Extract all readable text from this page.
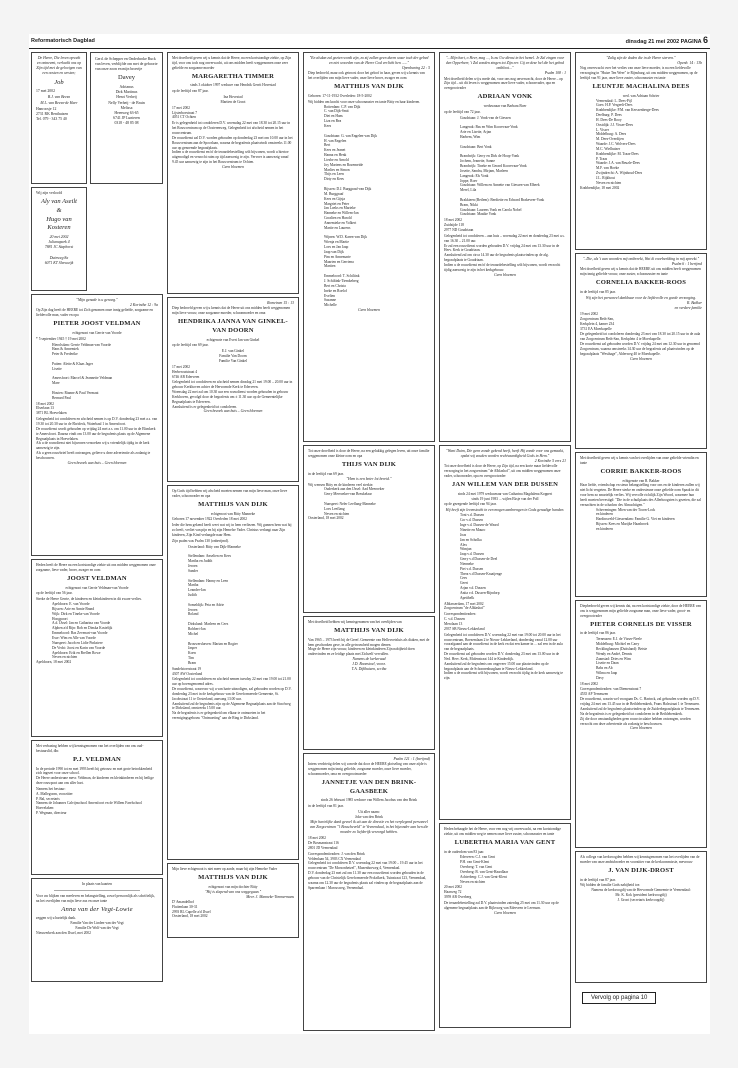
Reformatorisch Dagblad	dinsdag 21 mei 2002 PAGINA 6
De Heere, Die leven opwekt en ontneemt, verkwikt ons op Zijn tijd met de gelovigen van een oosten en westen;
Job
17 mei 2002
B.J. van Beesn
M.L. van Beesn-de Haer
Hanroosje 12
2731 RK Benthuizen
Tel. 079 - 343 75 40
Gerd. de Schepper en Onderbroke Ruck van leven, verblijfde om met de geboorte van onze zoon en mijn broertje
Davey
Adrianus
Dirk Martinus
Henri Verheij
Nelly Verheij - de Bruin
Melissa
Heenweg 63-65
6741 JP Lunteren
0318 - 48 85 08
Wij zijn verloofd
Aly van Aseilt
&
Hugo van Kosteren
20 mei 2002
Julianapark 4
7881 JC Staphorst

Duinweg 8a
6071 KT Sleeuwijk
"Mijn genade is u genoeg."
2 Korinthe 12 : 9a
Op Zijn dag heeft de HEERE tot Zich genomen onze innig geliefde, zorgzame en liefdevolle man, vader en opa
PIETER JOOST VELDMAN
echtgenoot van Gerrie van Voorde
* 5 september 1945 † 19 mei 2002
Hierolsdam: Gerrie Veldman-van Voorde
Hans & Annemiek
Peter & Frederike

Putten: Alette & Klaas Jager
Lisette

Amersfoort: Marcel & Jeannette Veldman
Mare

Houten: Rianne & Paul Vermaat
Bernard Paul
18 mei 2002
Elserlaan 13
3871 BL Hoevelaken
Gelegenheid tot condoleren en afscheid nemen is op D.V. donderdag 23 mei a.s. van 19.30 tot 20.30 uur in de Ebrideck, Waterbaal 1 in Amersfoort.
De rouwdienst wordt gehouden op vrijdag 24 mei a.s. om 11.00 uur in de Elimkerk te Amersfoort. Daarna vindt om 13.00 uur de begrafenis plaats op de Algemene Begraafplaats in Hoevelaken.
Als u de rouwdienst niet bijwonen verzoeken wij u vriendelijk tijdig in de kerk aanwezig te zijn.
Als u geen rouwbrief heeft ontvangen, gelieve u deze advertentie als zodanig te beschouwen.
Geen bezoek aan huis – Geen bloemen
Heden heeft de Heere na een kortstondige ziekte uit ons midden weggenomen onze zorgzame, lieve vader, broer, zwager en oom
JOOST VELDMAN
echtgenoot van Gerrie Veldman-van Voorde
op de leeftijd van 56 jaar.
Sterke de Heere Gerrie, de kinderen en kleinkinderen in dit zware verlies.
Apeldoorn: E. van Voorde
Rijssen: Arie en Annie Brand
Wijk: Dirk en Tineke van Voorde
Hoogpoort
A.d. IJssel: Jan en Catharina van Voorde
Alphen a/d Rijn: Rob en Dinska Kostelijk
Emmeloord: Bas Zevenart-van Voorde
Esse: Wim en Alle van Voorde
Nunspeet: Jacob en Lidie Pinkstere
De Vecht: Joost en Karin van Voorde
Apeldoorn: Erik en Brellen Rowe
Neven en nichten
Apeldoorn, 18 mei 2002
Met verbazing hebben wij kennisgenomen van het overlijden van ons oud-bestuurslid, dhr.
P.J. VELDMAN
In de periode 1990 tot en met 1993 heeft hij getrouw en met grote betrokkenheid zich ingezet voor onze school.
De Heere ondersteune mevr. Veldman, de kinderen en kleinkinderen en hij heilige deze rouwpoot aan ons aller hart.
Namens het bestuur:
A. Mallegoom, voorzitter
P. Bal, secretaris
Namens de Johannes Calvijnschool Amersfoort en de Willem Farelschool Hoevelaken:
P. Wegman, directeur
In plaats van kaarten
Voor uw blijken van meeleven en belangstelling, zowel persoonlijk als schriftelijk, na het overlijden van mijn lieve zus en onze tante
Anna van der Vegt-Lowie
zeggen wij u hartelijk dank.
Familie Van der Linden-van der Vegt
Familie De Wolf-van der Vegt
Nieuwerkerk aan den IJssel, mei 2002
Met droefheid geven wij u kennis dat de Heere, na een kortstondige ziekte, op Zijn tijd, voor ons toch nog onverwacht, uit ons midden heeft weggenomen onze zeer geliefde en zorgzame moeder
MARGARETHA TIMMER
sinds 3 oktober 1997 weduwe van Hendrik Gerrit Hovestad
op de leeftijd van 87 jaar.
Ina Hovestad
Martien de Groot
17 mei 2002
Lijsterhoestraat 7
4051 CT Ochten
Er is gelegenheid tot condoleren D.V. woensdag 22 mei van 18.30 tot 20.15 uur in het Rouwcentrum op de Oosterenweg. Gelegenheid tot afscheid nemen in het rouwcentrum.
De rouwdienst zal D.V. worden gehouden op donderdag 23 mei om 10.00 uur in het Rouwcentrum aan de Spoorlaan, waarna de begrafenis plaatsvindt omstreeks 11.00 uur op genoemde begraafplaats.
Indien u de rouwdienst en/of de teraardebestelling wilt bijwonen, wordt u hiertoe uitgenodigd en verzocht ruim op tijd aanwezig te zijn. Vervoer is aanwezig vanaf 9.45 uur aanwezig te zijn in het Rouwcentrum te Ochten.
Geen bloemen
Romeinen 15 : 13
Diep bedroefd geven wij u kennis dat de Heere uit ons midden heeft weggenomen mijn lieve vrouw, onze zorgzame moeder, schoonmoeder en oma
HENDRIKA JANNA VAN GINKEL-VAN DOORN
echtgenote van Evert Jan van Ginkel
op de leeftijd van 69 jaar.
E.J. van Ginkel
Familie Van Doorn
Familie Van Ginkel
17 mei 2002
Herberoutstraat 4
6746 AB Ederveen
Gelegenheid tot condoleren en afscheid nemen dinsdag 21 mei 19.00 – 20.00 uur in gebouw Kerkhoven achter de Hervormde Kerk te Ederveen.
Woensdag 22 mei zal om 10.30 uur een rouwdienst worden gehouden in gebouw Kerkhoven, gevolgd door de begrafenis om ± 11.30 uur op de Gemeentelijke Begraafplaats te Ederveen.
Aansluitend is er gelegenheid tot condoleren.
Geen bezoek aan huis – Geen bloemen
Op Gods tijd hebben wij afscheid moeten nemen van mijn lieve man, onze lieve vader, schoonvader en opa
MATTHIJS VAN DIJK
echtgenoot van Bitty Manneke
Geboren 17 november 1922 Overleden 18 mei 2002
Ieder die hem gekend heeft weet wat wij in hem verliezen. Wij gunnen hem wat hij zo heeft, verliet van pijn en bij zijn Hemelse Vader. Christus verlangt naar Zijn kinderen, Zijn Kind verlangde naar Hem.
Zijn psalm was Psalm 130 (onberijmd).
Oosterland: Bitty van Dijk-Manneke

Stellendam: Anselien en Kees
Martha en Judith
Jeroen
Sander

Stellendam: Hanny en Leen
Martha
Leander-Jan
Judith

Someldijk: Peta en Adrie
Jeroen
Roland

Dirksland: Marleen en Cees
Robbert-Jan
Michel

Brouwershaven: Marian en Rogier
Jasper
Koen
Tim
Bram
Sandelstoerstraat 19
4307 AW Oosterland
Gelegenheid tot condoleren en afscheid nemen tuesday 22 mei van 19.00 tot 21.00 uur op bovengenoemd adres.
De rouwdienst, waarvoor wij u van harte uitnodigen, zal gehouden worden op D.V. donderdag 23 mei in de kerkgebouw van de Gereformeerde Gemeente, St. Jacobstraat 11 te Oosterland, aanvang 13.00 uur.
Aansluitend zal de begrafenis zijn op de Algemene Begraafplaats aan de Stoofweg te Dirksland, omstreeks 15.00 uur.
Na de begrafenis is er gelegenheid om elkaar te ontmoeten in het verenigingsgebouw "Ontmoeting" aan de Ring te Dirksland.
Mijn lieve echtgenoot is niet meer op aarde, maar bij zijn Hemelse Vader
MATTHIJS VAN DIJK
echtgenoot van mijn dochter Bitty
"Hij is slapend van ons weggegaan."
Mevr. J. Manneke-Timmermans
D' Amandelhof
Fluitenlaan 30-31
2993 RL Capelle a/d IJssel
Oosterland, 18 mei 2002
"En alsdan zal gezien wordt zijn, zo zij zullen geen duren waar toch der gebed en niet woorden van de Heere God verlicht hen ......"
Openbaring 22 : 5
Diep bedroefd, maar ook getroost door het geloof in haar, geven wij u kennis van het overlijden van mijn lieve vader, onze lieve broer, zwager en oom
MATTHIJS VAN DIJK
Geboren: 17-11-1932 Overleden: 18-5-2002
Wij bidden om kracht voor onze schoonzuster en tante Bitty en haar kinderen.
Rotterdam: C.P. van Dijk
C. van Dijk-Smit
Diet en Hans
Liza en Bea
Kees

Goudriaan: G. van Engelen-van Dijk
H. van Engelen
Bert
Kees en Jeanet
Hanna en Henk
Liesbe en Arnold
Joy Martens en Rozemeide
Marlies en Simon
Thijs en Leen
Dirty en Kees

Rijssen: D.J. Burggraaf-van Dijk
M. Burggraaf
Kees en Gijsja
Margriet en Peter
Jan Loeks en Marieke
Hanneke en Willem-Jan
Coralien en Harold
Annemieke en Volkert
Martie en Laurens

Wijnen: W.D. Karen-van Dijk
Wienja en Martie
Loes en Jan Jaap
Jaap van Dijk
Pim en Annemarie
Maarten en Gerriena
Martien

Emmeloord: T. Schiltink
J. Schiltink-Tiemkeberg
Bert en Christa
Ineke en Roelof
Evelien
Susanne
Michelle
Geen bloemen
Tot onze droefheid is door de Heere, na een gelukkig gelegen leven, uit onze familie weggenomen onze kleine oom en opa
THIJS VAN DIJK
in de leeftijd van 69 jaar.
"Hem is een beter lot bereid."
Wij wensen Bitty en de kinderen veel sterkte.
Ouderkerk aan den IJssel: Aad Meeroeker
Gerry Meeroeker-van Breukelaar

Nunspeet: Neler Leeflang-Manneke
Loes Leeflang
Neven en nichten
Oosterland, 18 mei 2002
Met droefheid hebben wij kennisgenomen van het overlijden van
MATTHIJS VAN DIJK
Van 1965 – 1973 heeft hij de Geref. Gemeente van Hellevoetsluis als diaken, met de hem geschonken gave, in alle getrouwheid mogen dienen.
Moge de Heere zijn vrouw, kinderen en kleinkinderen Zijn nabijheid doen ondervinden en ze leidige plaats met Zichzelf vervullen.
Namens de kerkeraad
J.D. Boonstoel, voorz.
T.A. Dijkhuizen, scriba
Psalm 121 : 1 (berijmd)
Intens verdrietig delen wij u mede dat door de HEERE plotseling van onze zijde is weggenomen mijn innig geliefde, zorgzame moeder, onze lieve moeder, schoonmoeder, oma en overgrootmoeder
JANNETJE VAN DEN BRINK-GAASBEEK
sinds 26 februari 1985 weduwe van Willem Jacobus van den Brink
in de leeftijd van 81 jaar.
Uit aller naam:
Joke van den Brink
Mijn hartelijke dank gevoel ik uit aan de directie en het verplegend personeel van Zorgcentrum "'t Bosscheveld" te Veenendaal, in het bijzonder aan hen die moeder zo liefderijk verzorgd hebben.
18 mei 2002
De Bosmanstraat 116
2801 JD Veenendaal
Correspondentieadres: J. van den Brink
Veldenlaan 54, 3903 CX Veenendaal
Gelegenheid tot condoleren D.V. woensdag 22 mei van 19.00 – 19.45 uur in het rouwcentrum "De Morsonhetzel", Muzenhorweg 4, Veenendaal.
D.V. donderdag 23 mei zal om 11.30 uur een rouwdienst worden gehouden in de gebouw van de Christelijk Gereformeerde Prolafkerk, Tuinstraat 123, Veenendaal, waarna om 12.30 uur de begrafenis plaats zal vinden op de begraafplaats aan de Sparrenlaan / Marcusweg, Veenendaal.
"...Mijn hart, o Heer, mag ..., Is nu Uw dienst in het hemel. Je Zal zingen voor den Opperheer, 't Zal zonden zingen tot Zijn eer. Gij en deze hel die het gebod ontbloot..."
Psalm 108 : 1
Met droefheid delen wij u mede dat, voor ons nog onverwacht, door de Heere – op Zijn tijd – uit dit leven is weggenomen onze lieve vader, schoonvader, opa en overgrootvader
ADRIAAN VONK
weduwnaar van Barbara Boer
op de leeftijd van 72 jaar.
Goudriaan: J. Vonk-van de Giessen

Langerak: Bas en Wim Koorevaar-Vonk
Arie en Lisette, Arjan
Harbem, Wim

Goudriaan: Bert Vonk

Brandwijk: Gerry en Dirk de Hoop-Vonk
Jochem, Jeanette, Sanne
Brandwijk: Tineke en Gerard Koorevaar-Vonk
Josette, Sandra, Mirjam, Marleen
Langerak: Els Vonk
Joppe, Roer
Goudriaan: Willem en Annette van Giessen-van Elbeek
Merel, Lila

Brakkteen (Betlem): Berdiette en Edward Brakeveer-Vonk
Bram, Nikki
Goudriaan: Laurens Vonk en Carola Nobel
Goudriaan: Maaike Vonk
18 mei 2002
Zuidzijde 118
2977 ND Goudriaan
Gelegenheid tot condoleren – aan huis – woensdag 22 mei en donderdag 23 mei a.s. van 16.30 – 21.00 uur.
Er zal een rouwdienst worden gehouden D.V. vrijdag 24 mei om 13.30 uur in de Herv. Kerk te Goudriaan.
Aansluitend zal om circa 14.30 uur de begrafenis plaatsvinden op de alg. begraafplaats te Goudriaan.
Indien u de rouwdienst en/of de teraardebestelling wilt bijwonen, wordt verzocht tijdig aanwezig te zijn in het kerkgebouw.
Geen bloemen
"Want Duim, Die geen zonde gekend heeft, heeft Hij zonde voor ons gemaakt, opdat wij zouden worden rechtvaardigheid Gods in Hem."
2 Korinthe 5 vers 21
Tot onze droefheid is door de Heere, op Zijn tijd, na een korte maar liefdevolle verzorging in het zorgcentrum "de Alblashof", uit ons midden weggenomen onze vader, schoonvader, opa en overgrootvader
JAN WILLEM VAN DER DUSSEN
sinds 24 mei 1979 weduwnaar van Catharina Magdalena Koppert
sinds 19 juni 1983 ... wijlen Eksje van der Poll
op de gezegende leeftijd van 94 jaar.
Hij heeft zijn levenstocht in een mogen aanbrengen in Gods genadige handen.
Toni v.d. Dussen
Cor v.d. Dussen
Inge v.d. Dussen-de Waard
Ninette en Mauro
Joas
Jan en Scholka
Alex
Wimjan
Jaap v.d. Dussen
Gerry v.d Dussen-de Deel
Nienneke
Piet v.d. Dussen
Thera v.d Dussen-Kraaijenge
Cees
Geert
Arjan v.d. Dussen
Anita v.d. Dussen-Rijndorp
Apetibelk
Alblasserdam, 17 mei 2002
Zorgcentrum "de Alblashof"
Correspondentieadres:
C. v.d. Dussen
Merolaan 13
2937 SB Nieuw-Lekkerland
Gelegenheid tot condoleren D.V. woensdag 22 mei van 19.00 tot 20.00 uur in het rouwcentrum, Boezemlaan 2 te Nieuw-Lekkerland, donderdag vanaf 12.00 uur voorafgaand aan de rouwdienst in de kerk en dat een kamer in ... zal een in de aula van de begraafplaats.
De rouwdienst zal gehouden worden D.V. donderdag 23 mei om 13.00 uur in de Ned. Herv. Kerk, Molenstraat 144 te Kinderdijk.
Aansluitend zal de begrafenis om ongeveer 15.00 uur plaatsvinden op de begraafplaats aan de Schoonenburglaan te Nieuw-Lekkerland.
Indien u de rouwdienst wilt bijwonen, wordt verzocht tijdig in de kerk aanwezig te zijn.
Heden behaagde het de Heere, voor een nog vrij onverwacht, na een kortstondige ziekte, uit ons midden weg te nemen onze lieve zuster, schoonzuster en tante
LUBERTHA MARIA VAN GENT
in de ouderdom van 83 jaar.
Ederveen: C.J. van Gent
P.H. van Gent-Klent
Overberg: T. van Gent
Overberg: B. van Gent-Haardlaar
Achterberg: C.J. van Gent-Klent
Neven en nichten
20 mei 2002
Haarweg 72
3959 AB Overberg
De teraardebestelling zal D.V. plaatsvinden zaterdag 25 mei om 11.30 uur op de algemene begraafplaats aan de Rijksweg van Ederveen te Leersum.
Geen bloemen
"Zalig zijn de doden die in de Heere sterven."
Openb. 14 : 13b
Nog onverwacht over het verlies van onze lieve moeder, is na een liefdevolle verzorging in "Huize Ten Weer" te Rijnsburg, uit ons midden weggenomen, op de leeftijd van 91 jaar, onze lieve zuster, schoonzuster en tante
LEUNTJE MACHALINA DEES
wed. van Adriaan Schrier
Veenendaal: L. Dees-Pijl
Goes: H.P. Vergeelt-Dees
Krabbendijke: P.M. van Kerssenberge-Dees
Deelburg: P. Dees
H. Dees-De Rooy
Oostdijk: J.J. Visser-Dees
L. Visser
Middelburg: A. Dees
M. Dees-Overdijen
Waarde: J.C. Wolvers-Dees
M.C. Wielhuizer
Krabbendijke: M. Traas-Dees
P. Traas
Waarde: J.A. van Beuzle-Dees
M.F. van Hoeke
Zwijndrecht: A. Wijnhoud-Dees
J.L. Rijkhout
Neven en nichten
Krabbendijke, 18 mei 2002
"..Die, als 't aan woorden mij ontbreekt, Wat ik voorbeelding in mij spreekt."
Psalm 6 : 1 berijmd
Met droefheid geven wij u kennis dat de HEERE uit ons midden heeft weggenomen mijn innig geliefde vrouw, onze zuster, schoonzuster en tante
CORNELIA BAKKER-ROOS
in de leeftijd van 85 jaar.
Wij zijn het personeel dankbaar voor de liefdevolle en goede verzorging.
R. Bakker
en verdere familie
19 mei 2002
Zorgcentrum Beth-San,
Kerkplein 4, kamer 234
3731 EA Moerkapelle
De gelegenheid tot condoleren donderdag 23 mei van 18.30 tot 20.15 uur in de aula van Zorgcentrum Beth-San, Kerkplein 4 te Moerkapelle.
De rouwdienst zal gehouden worden D.V. vrijdag 24 mei om 12.30 uur in genoemd Zorgcentrum, waarna omstreeks 14.30 uur de begrafenis zal plaatsvinden op de begraafplaats "Westhage", Alderweg 40 te Moerkapelle.
Geen bloemen
Met droefheid geven wij u kennis van het overlijden van onze geliefde vriendin en tante
CORRIE BAKKER-ROOS
echtgenote van R. Bakker
Haar liefde, vriendschap en steun belangstelling voor ons en de kinderen zullen wij niet licht vergeten. De Heere sterke en ondersteune onze geliefde oom Spaak in dit voor hem zo smartelijk verlies. Wij vervolle richtlijk Zijn Woord, waarmee hun heeft moeten bevestigd: "Die in de schuilplaats des Allerhoogsten is gezeten, die zal vernachten in de schaduw des Almachtigen."
Scheveningen: Mien van der Toorn-Lock
en kinderen
Hardinxveld-Giessendam: Familie G. Viet en kinderen
Rijssen: Kees en Marijke Haasbroek
en kinderen
Diepbedroefd geven wij kennis dat, na een kortstondige ziekte, door de HEERE van ons is weggenomen mijn geliefde zorgzame man, onze lieve vader, groot- en overgrootvader
PIETER CORNELIS DE VISSER
in de leeftijd van 86 jaar.
Terneuzen: E.J. de Visser-Neele
Middelburg: Michiel en Carry
Recklinghausen (Duitsland): Betsie
Wendy en André, Dennis
Zaanstad: Dries en Wim
Lisette en Daan
Babs en Ab
Wilma en Jaap
Davy
18 mei 2002
Correspondentieadres: van Diemenstraat 7
4535 AP Terneuzen
De rouwdienst, waarin wel voorgaan Ds. C. Harinck, zal gehouden worden op D.V. vrijdag 24 mei om 13.45 uur in de Bethlehemkerk, Frans Halsstraat 1 te Terneuzen.
Aansluitend zal de begrafenis plaatsvinden op de Zuiderbegraafplaats te Terneuzen.
Na de begrafenis is er gelegenheid tot condoleren in de Bethlehemkerk.
Zij die door omstandigheden geen rouwcirculaire hebben ontvangen, worden verzocht om deze advertentie als zodanig te beschouwen.
Geen bloemen
Als collega van kerkvoogden hebben wij kennisgenomen van het overlijden van de moeder van onze ambtsbroeder en voorzitter van de kerkcommissie, mevrouw
J. VAN DIJK-DROST
in de leeftijd van 87 jaar.
Wij bidden de familie Gods nabijheid toe.
Namens de kerkvoogdij van de Hervormde Gemeente te Veenendaal:
Mr. K. Kok (president kerkvoogdij)
J. Groot (secretaris kerkvoogdij)
Vervolg op pagina 10
